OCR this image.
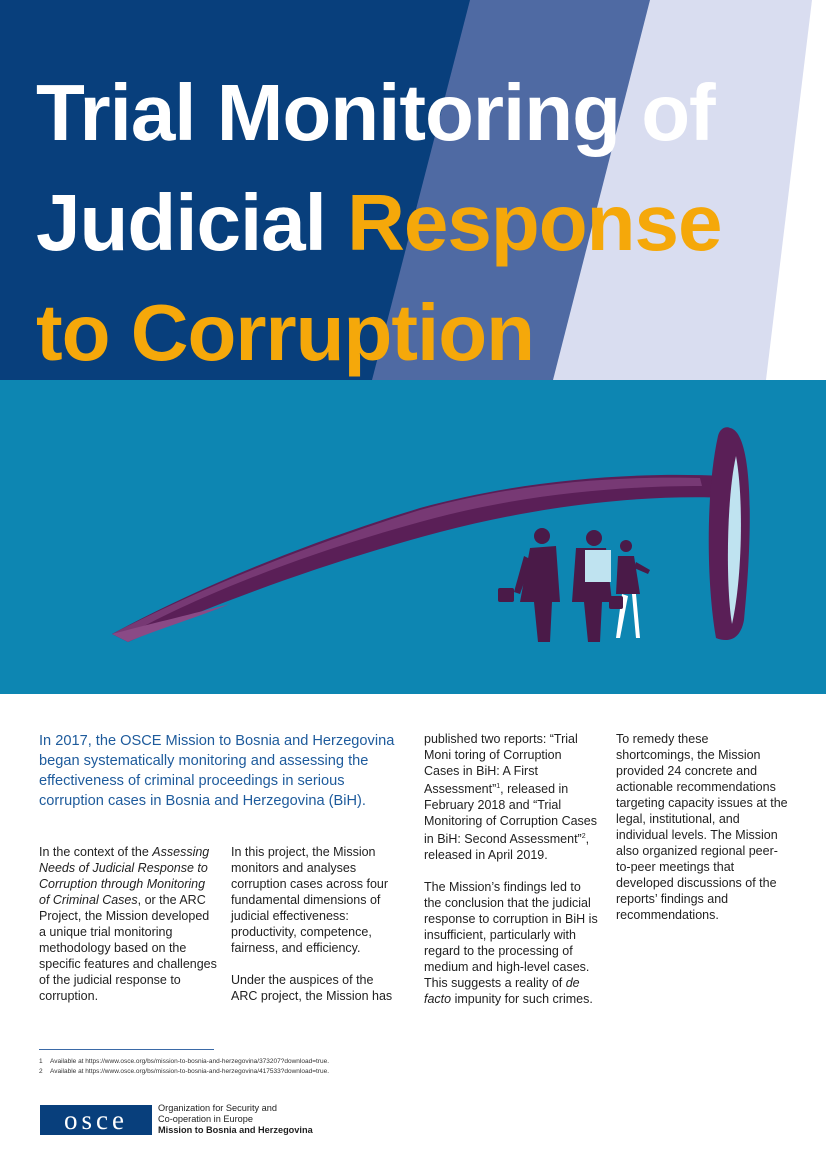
Trial Monitoring of
Judicial Response
to Corruption

In 2017, the OSCE Mission to Bosnia and Herzegovina began systematically monitoring and assessing the effectiveness of criminal proceedings in serious corruption cases in Bosnia and Herzegovina (BiH).

In the context of the Assessing Needs of Judicial Response to Corruption through Monitoring of Criminal Cases, or the ARC Project, the Mission developed a unique trial monitoring methodology based on the specific features and challenges of the judicial response to corruption.

In this project, the Mission monitors and analyses corruption cases across four fundamental dimensions of judicial effectiveness: productivity, competence, fairness, and efficiency.

Under the auspices of the ARC project, the Mission has

published two reports: “Trial Moni toring of Corruption Cases in BiH: A First Assessment”$^1$, released in February 2018 and “Trial Monitoring of Corruption Cases in BiH: Second Assessment”$^2$, released in April 2019.

The Mission’s findings led to the conclusion that the judicial response to corruption in BiH is insufficient, particularly with regard to the processing of medium and high-level cases. This suggests a reality of de facto impunity for such crimes.

To remedy these shortcomings, the Mission provided 24 concrete and actionable recommendations targeting capacity issues at the legal, institutional, and individual levels. The Mission also organized regional peer-to-peer meetings that developed discussions of the reports’ findings and recommendations.

1 Available at https://www.osce.org/bs/mission-to-bosnia-and-herzegovina/373207?download=true.
2 Available at https://www.osce.org/bs/mission-to-bosnia-and-herzegovina/417533?download=true.
osce	Organization for Security and
Co-operation in Europe
Mission to Bosnia and Herzegovina
